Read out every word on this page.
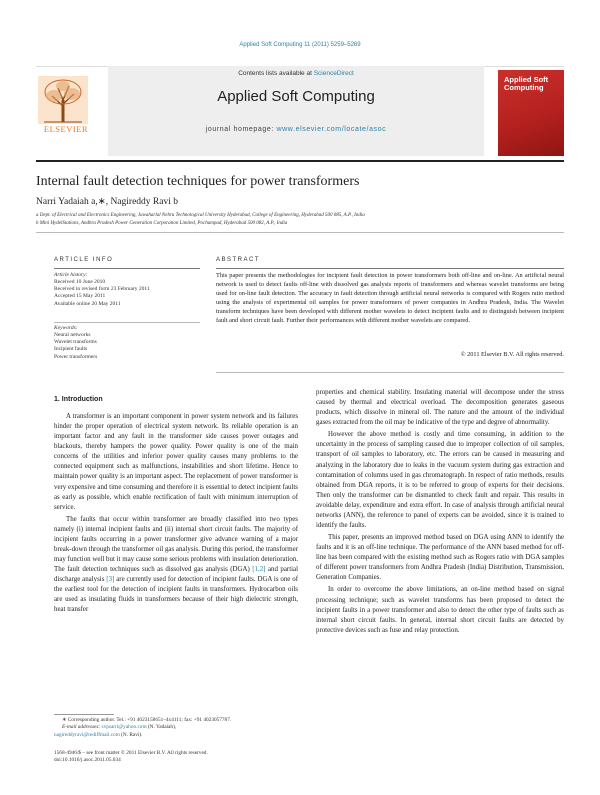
Applied Soft Computing 11 (2011) 5259–5269
ELSEVIER
Contents lists available at ScienceDirect
Applied Soft Computing
journal homepage: www.elsevier.com/locate/asoc
Applied Soft Computing
Internal fault detection techniques for power transformers
Narri Yadaiah a,∗, Nagireddy Ravi b
a Dept. of Electrical and Electronics Engineering, Jawaharlal Nehru Technological University Hyderabad, College of Engineering, Hyderabad 500 085, A.P., India
b Mini HydelStations, Andhra Pradesh Power Generation Corporation Limited, Pochampad, Hyderabad 500 082, A.P., India
ARTICLE INFO
Article history:
Received 10 June 2010
Received in revised form 23 February 2011
Accepted 15 May 2011
Available online 20 May 2011
Keywords:
Neural networks
Wavelet transforms
Incipient faults
Power transformers
ABSTRACT
This paper presents the methodologies for incipient fault detection in power transformers both off-line and on-line. An artificial neural network is used to detect faults off-line with dissolved gas analysis reports of transformers and whereas wavelet transforms are being used for on-line fault detection. The accuracy in fault detection through artificial neural networks is compared with Rogers ratio method using the analysis of experimental oil samples for power transformers of power companies in Andhra Pradesh, India. The Wavelet transform techniques have been developed with different mother wavelets to detect incipient faults and to distinguish between incipient fault and short circuit fault. Further their performances with different mother wavelets are compared.
© 2011 Elsevier B.V. All rights reserved.
1. Introduction

A transformer is an important component in power system network and its failures hinder the proper operation of electrical system network. Its reliable operation is an important factor and any fault in the transformer side causes power outages and blackouts, thereby hampers the power quality. Power quality is one of the main concerns of the utilities and inferior power quality causes many problems to the connected equipment such as malfunctions, instabilities and short lifetime. Hence to maintain power quality is an important aspect. The replacement of power transformer is very expensive and time consuming and therefore it is essential to detect incipient faults as early as possible, which enable rectification of fault with minimum interruption of service.

The faults that occur within transformer are broadly classified into two types namely (i) internal incipient faults and (ii) internal short circuit faults. The majority of incipient faults occurring in a power transformer give advance warning of a major break-down through the transformer oil gas analysis. During this period, the transformer may function well but it may cause some serious problems with insulation deterioration. The fault detection techniques such as dissolved gas analysis (DGA) [1,2] and partial discharge analysis [3] are currently used for detection of incipient faults. DGA is one of the earliest tool for the detection of incipient faults in transformers. Hydrocarbon oils are used as insulating fluids in transformers because of their high dielectric strength, heat transfer

properties and chemical stability. Insulating material will decompose under the stress caused by thermal and electrical overload. The decomposition generates gaseous products, which dissolve in mineral oil. The nature and the amount of the individual gases extracted from the oil may be indicative of the type and degree of abnormality.

However the above method is costly and time consuming, in addition to the uncertainty in the process of sampling caused due to improper collection of oil samples, transport of oil samples to laboratory, etc. The errors can be caused in measuring and analyzing in the laboratory due to leaks in the vacuum system during gas extraction and contamination of columns used in gas chromatograph. In respect of ratio methods, results obtained from DGA reports, it is to be referred to group of experts for their decisions. Then only the transformer can be dismantled to check fault and repair. This results in avoidable delay, expenditure and extra effort. In case of analysis through artificial neural networks (ANN), the reference to panel of experts can be avoided, since it is trained to identify the faults.

This paper, presents an improved method based on DGA using ANN to identify the faults and it is an off-line technique. The performance of the ANN based method for off-line has been compared with the existing method such as Rogers ratio with DGA samples of different power transformers from Andhra Pradesh (India) Distribution, Transmission, Generation Companies.

In order to overcome the above limitations, an on-line method based on signal processing technique; such as wavelet transforms has been proposed to detect the incipient faults in a power transformer and also to detect the other type of faults such as internal short circuit faults. In general, internal short circuit faults are detected by protective devices such as fuse and relay protection.

∗ Corresponding author. Tel.: +91 4023158651–4x4111; fax: +91 4023057787.
E-mail addresses: svpsarri@yahoo.com (N. Yadaiah),
nagireddyravi@rediffmail.com (N. Ravi).
1568-4946/$ – see front matter © 2011 Elsevier B.V. All rights reserved.
doi:10.1016/j.asoc.2011.05.034
